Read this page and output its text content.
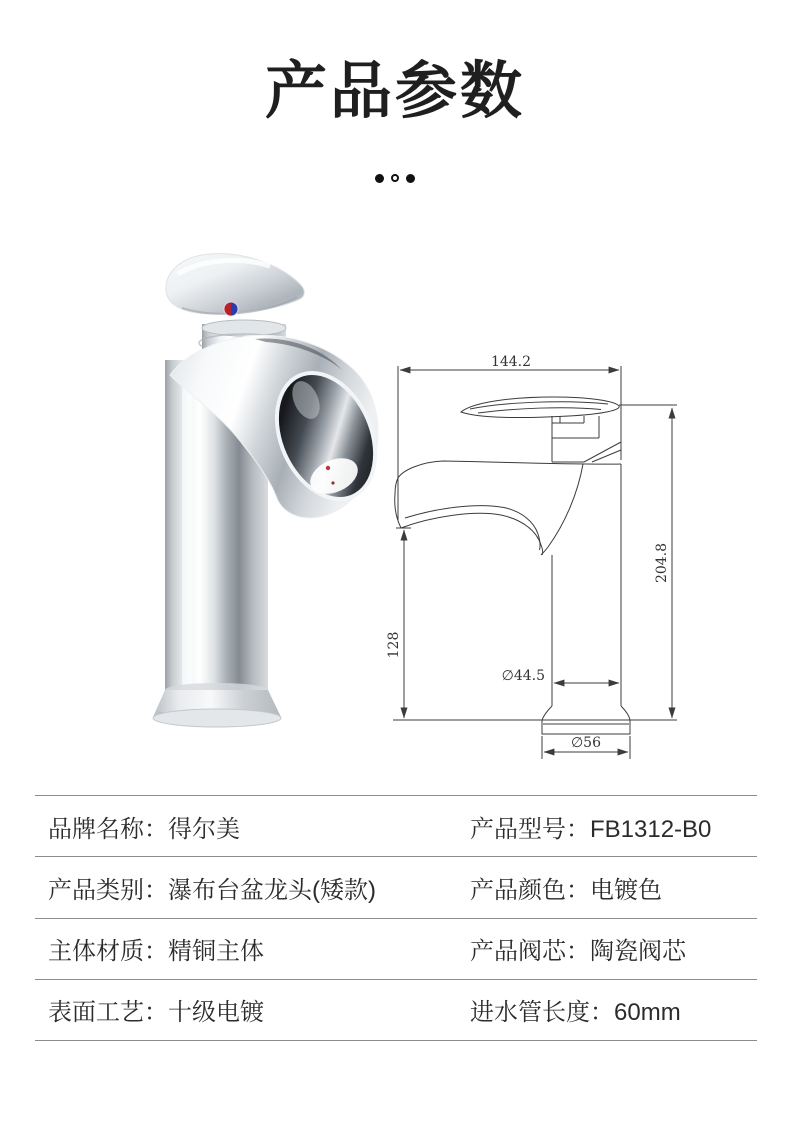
产品参数
144.2
204.8
128
∅44.5
∅56
品牌名称：得尔美	产品型号：FB1312-B0
产品类别：瀑布台盆龙头(矮款)	产品颜色：电镀色
主体材质：精铜主体	产品阀芯：陶瓷阀芯
表面工艺：十级电镀	进水管长度：60mm
